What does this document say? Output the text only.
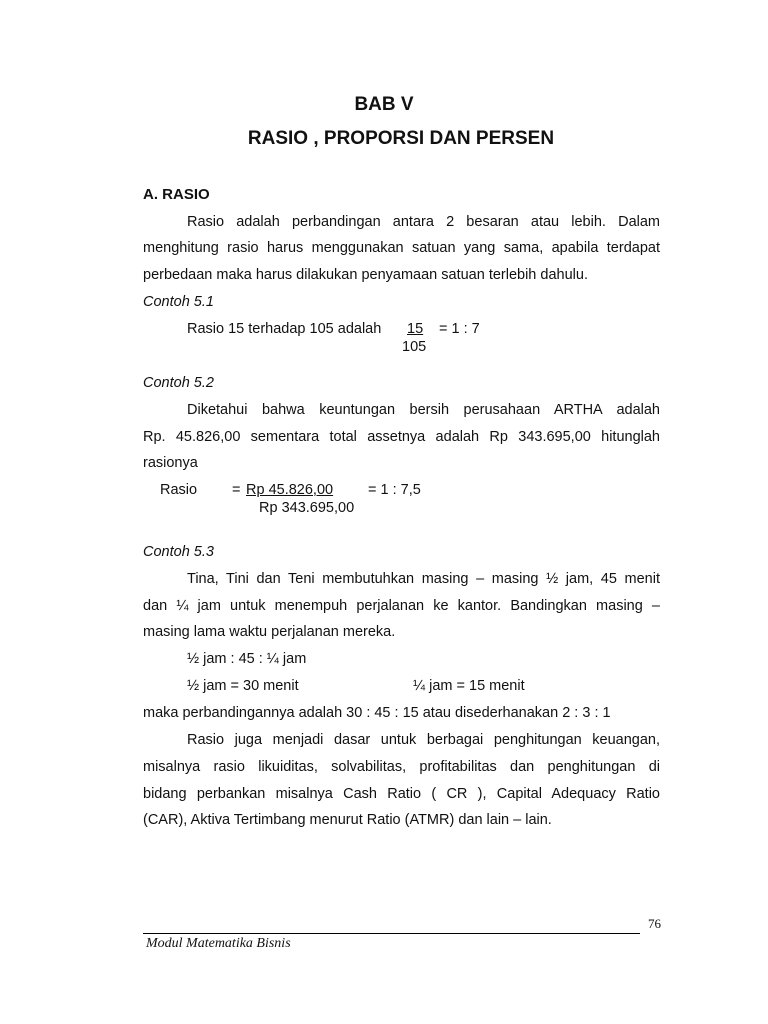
BAB V
RASIO , PROPORSI DAN PERSEN
A. RASIO
Rasio adalah perbandingan antara 2 besaran atau lebih. Dalam
menghitung rasio harus menggunakan satuan yang sama, apabila terdapat
perbedaan maka harus dilakukan penyamaan satuan terlebih dahulu.
Contoh 5.1
Rasio 15 terhadap 105 adalah 15 = 1 : 7
105
Contoh 5.2
Diketahui bahwa keuntungan bersih perusahaan ARTHA adalah
Rp. 45.826,00 sementara total assetnya adalah Rp 343.695,00 hitunglah
rasionya
Rasio = Rp 45.826,00 = 1 : 7,5
Rp 343.695,00
Contoh 5.3
Tina, Tini dan Teni membutuhkan masing – masing ½ jam, 45 menit
dan ¼ jam untuk menempuh perjalanan ke kantor. Bandingkan masing –
masing lama waktu perjalanan mereka.
½ jam : 45 : ¼ jam
½ jam = 30 menit	¼ jam = 15 menit
maka perbandingannya adalah 30 : 45 : 15 atau disederhanakan 2 : 3 : 1
Rasio juga menjadi dasar untuk berbagai penghitungan keuangan,
misalnya rasio likuiditas, solvabilitas, profitabilitas dan penghitungan di
bidang perbankan misalnya Cash Ratio ( CR ), Capital Adequacy Ratio
(CAR), Aktiva Tertimbang menurut Ratio (ATMR) dan lain – lain.
76
Modul Matematika Bisnis
